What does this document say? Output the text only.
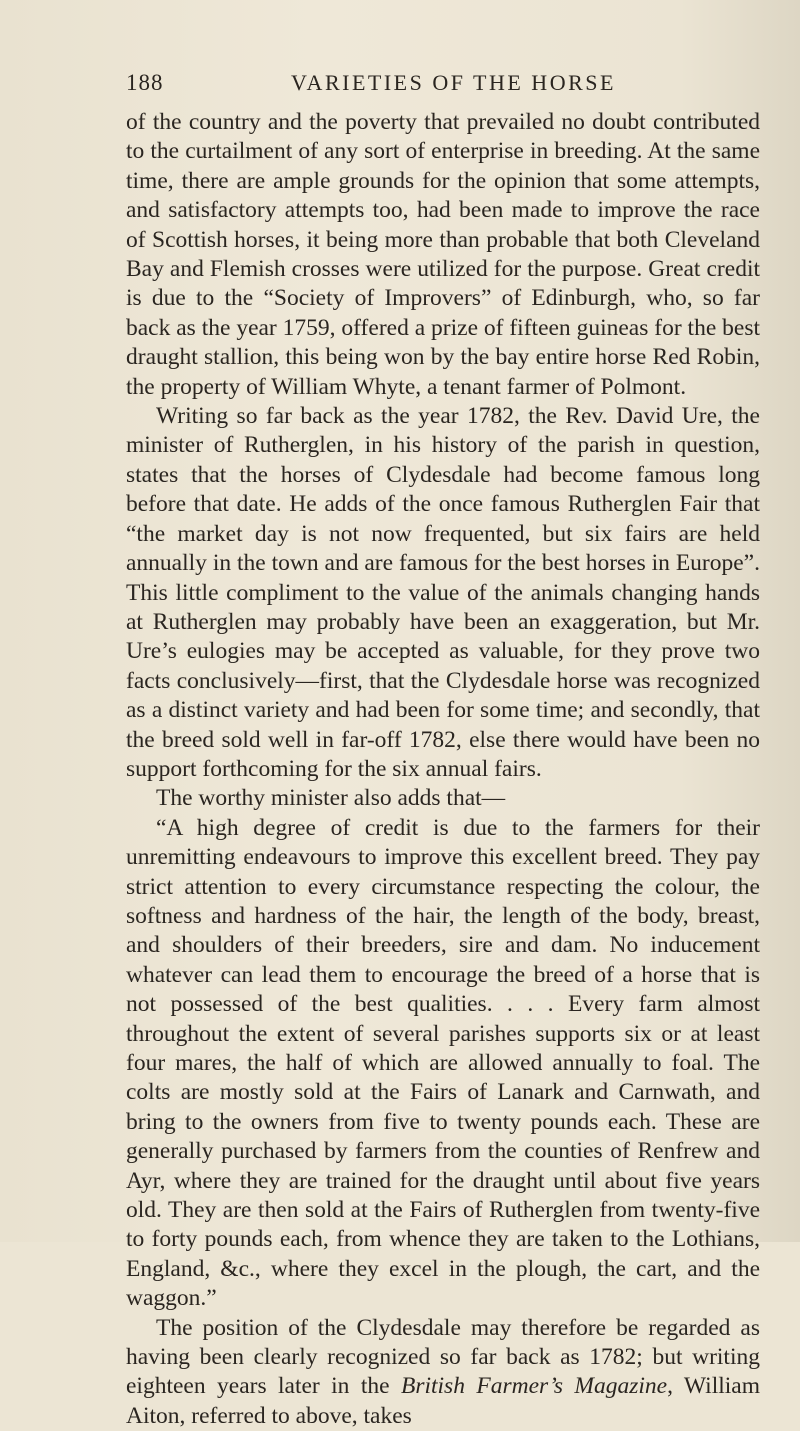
188	VARIETIES OF THE HORSE

of the country and the poverty that prevailed no doubt contributed to the curtailment of any sort of enterprise in breeding. At the same time, there are ample grounds for the opinion that some attempts, and satisfactory attempts too, had been made to improve the race of Scottish horses, it being more than probable that both Cleveland Bay and Flemish crosses were utilized for the purpose. Great credit is due to the “Society of Improvers” of Edinburgh, who, so far back as the year 1759, offered a prize of fifteen guineas for the best draught stallion, this being won by the bay entire horse Red Robin, the property of William Whyte, a tenant farmer of Polmont.

Writing so far back as the year 1782, the Rev. David Ure, the minister of Rutherglen, in his history of the parish in question, states that the horses of Clydesdale had become famous long before that date. He adds of the once famous Rutherglen Fair that “the market day is not now frequented, but six fairs are held annually in the town and are famous for the best horses in Europe”. This little compliment to the value of the animals changing hands at Rutherglen may probably have been an exaggeration, but Mr. Ure’s eulogies may be accepted as valuable, for they prove two facts conclusively—first, that the Clydesdale horse was recognized as a distinct variety and had been for some time; and secondly, that the breed sold well in far-off 1782, else there would have been no support forthcoming for the six annual fairs.

The worthy minister also adds that—

“A high degree of credit is due to the farmers for their unremitting endeavours to improve this excellent breed. They pay strict attention to every circumstance respecting the colour, the softness and hardness of the hair, the length of the body, breast, and shoulders of their breeders, sire and dam. No inducement whatever can lead them to encourage the breed of a horse that is not possessed of the best qualities. . . . Every farm almost throughout the extent of several parishes supports six or at least four mares, the half of which are allowed annually to foal. The colts are mostly sold at the Fairs of Lanark and Carnwath, and bring to the owners from five to twenty pounds each. These are generally purchased by farmers from the counties of Renfrew and Ayr, where they are trained for the draught until about five years old. They are then sold at the Fairs of Rutherglen from twenty-five to forty pounds each, from whence they are taken to the Lothians, England, &c., where they excel in the plough, the cart, and the waggon.”

The position of the Clydesdale may therefore be regarded as having been clearly recognized so far back as 1782; but writing eighteen years later in the British Farmer’s Magazine, William Aiton, referred to above, takes
